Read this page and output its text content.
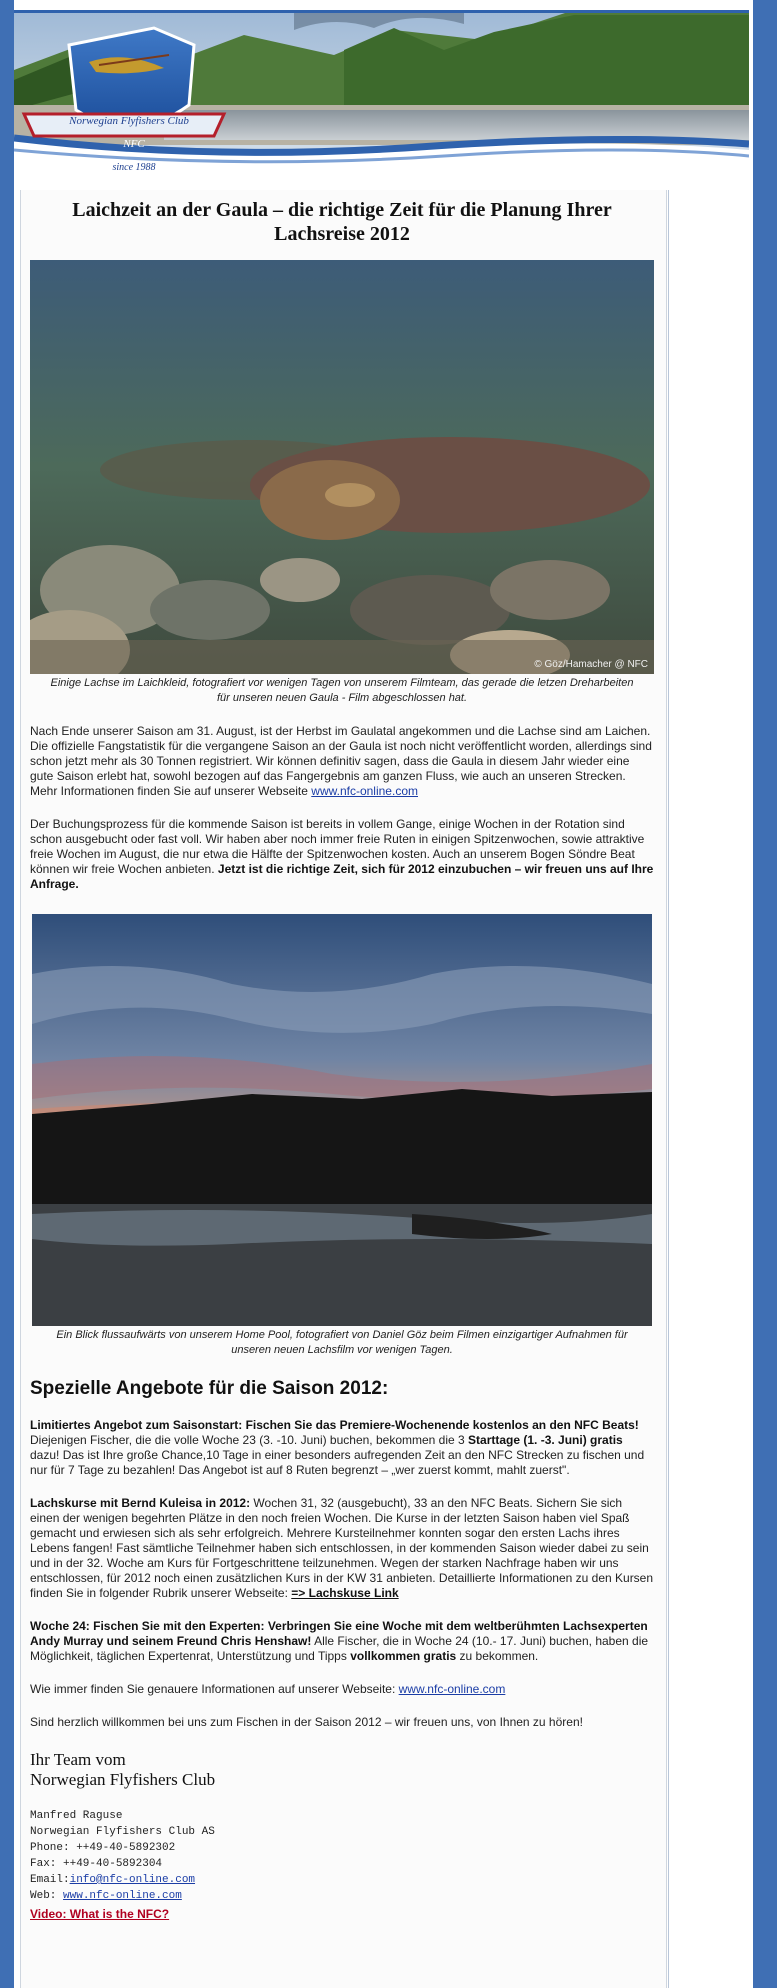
Norwegian Flyfishers Club
NFC
since 1988
Laichzeit an der Gaula – die richtige Zeit für die Planung Ihrer Lachsreise 2012
© Göz/Hamacher @ NFC
Einige Lachse im Laichkleid, fotografiert vor wenigen Tagen von unserem Filmteam, das gerade die letzen Dreharbeiten für unseren neuen Gaula - Film abgeschlossen hat.

Nach Ende unserer Saison am 31. August, ist der Herbst im Gaulatal angekommen und die Lachse sind am Laichen. Die offizielle Fangstatistik für die vergangene Saison an der Gaula ist noch nicht veröffentlicht worden, allerdings sind schon jetzt mehr als 30 Tonnen registriert. Wir können definitiv sagen, dass die Gaula in diesem Jahr wieder eine gute Saison erlebt hat, sowohl bezogen auf das Fangergebnis am ganzen Fluss, wie auch an unseren Strecken. Mehr Informationen finden Sie auf unserer Webseite www.nfc-online.com

Der Buchungsprozess für die kommende Saison ist bereits in vollem Gange, einige Wochen in der Rotation sind schon ausgebucht oder fast voll. Wir haben aber noch immer freie Ruten in einigen Spitzenwochen, sowie attraktive freie Wochen im August, die nur etwa die Hälfte der Spitzenwochen kosten. Auch an unserem Bogen Söndre Beat können wir freie Wochen anbieten. Jetzt ist die richtige Zeit, sich für 2012 einzubuchen – wir freuen uns auf Ihre Anfrage.

Ein Blick flussaufwärts von unserem Home Pool, fotografiert von Daniel Göz beim Filmen einzigartiger Aufnahmen für unseren neuen Lachsfilm vor wenigen Tagen.
Spezielle Angebote für die Saison 2012:

Limitiertes Angebot zum Saisonstart: Fischen Sie das Premiere-Wochenende kostenlos an den NFC Beats! Diejenigen Fischer, die die volle Woche 23 (3. -10. Juni) buchen, bekommen die 3 Starttage (1. -3. Juni) gratis dazu! Das ist Ihre große Chance,10 Tage in einer besonders aufregenden Zeit an den NFC Strecken zu fischen und nur für 7 Tage zu bezahlen! Das Angebot ist auf 8 Ruten begrenzt – „wer zuerst kommt, mahlt zuerst".

Lachskurse mit Bernd Kuleisa in 2012: Wochen 31, 32 (ausgebucht), 33 an den NFC Beats. Sichern Sie sich einen der wenigen begehrten Plätze in den noch freien Wochen. Die Kurse in der letzten Saison haben viel Spaß gemacht und erwiesen sich als sehr erfolgreich. Mehrere Kursteilnehmer konnten sogar den ersten Lachs ihres Lebens fangen! Fast sämtliche Teilnehmer haben sich entschlossen, in der kommenden Saison wieder dabei zu sein und in der 32. Woche am Kurs für Fortgeschrittene teilzunehmen. Wegen der starken Nachfrage haben wir uns entschlossen, für 2012 noch einen zusätzlichen Kurs in der KW 31 anbieten. Detaillierte Informationen zu den Kursen finden Sie in folgender Rubrik unserer Webseite: => Lachskuse Link

Woche 24: Fischen Sie mit den Experten: Verbringen Sie eine Woche mit dem weltberühmten Lachsexperten Andy Murray und seinem Freund Chris Henshaw! Alle Fischer, die in Woche 24 (10.- 17. Juni) buchen, haben die Möglichkeit, täglichen Expertenrat, Unterstützung und Tipps vollkommen gratis zu bekommen.

Wie immer finden Sie genauere Informationen auf unserer Webseite: www.nfc-online.com

Sind herzlich willkommen bei uns zum Fischen in der Saison 2012 – wir freuen uns, von Ihnen zu hören!

Ihr Team vom
Norwegian Flyfishers Club
Manfred Raguse
Norwegian Flyfishers Club AS
Phone: ++49-40-5892302
Fax: ++49-40-5892304
Email:info@nfc-online.com
Web: www.nfc-online.com
Video: What is the NFC?
